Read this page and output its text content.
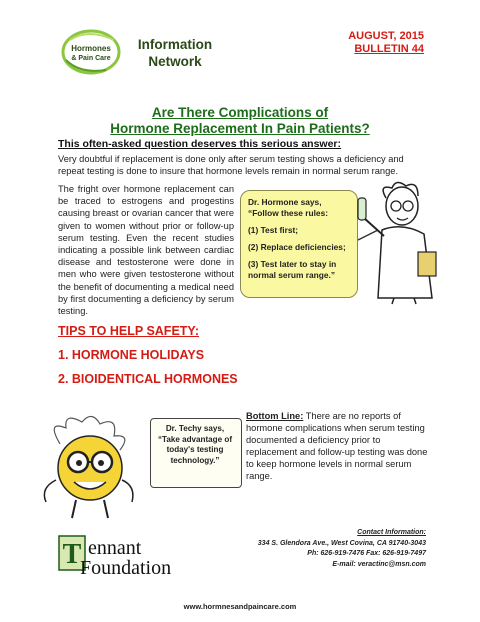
Hormones
& Pain Care
Information
Network
AUGUST, 2015
BULLETIN 44
Are There Complications of
Hormone Replacement In Pain Patients?
This often-asked question deserves this serious answer:
Very doubtful if replacement is done only after serum testing shows a deficiency and repeat testing is done to insure that hormone levels remain in normal serum range.
The fright over hormone replacement can be traced to estrogens and progestins causing breast or ovarian cancer that were given to women without prior or follow-up serum testing. Even the recent studies indicating a possible link between cardiac disease and testosterone were done in men who were given testosterone without the benefit of documenting a medical need by first documenting a deficiency by serum testing.
Dr. Hormone says,
“Follow these rules:
(1) Test first;
(2) Replace deficiencies;
(3) Test later to stay in normal serum range.”
TIPS TO HELP SAFETY:
1. HORMONE HOLIDAYS
2. BIOIDENTICAL HORMONES
Dr. Techy says,
“Take advantage of today's testing technology.”
Bottom Line: There are no reports of hormone complications when serum testing documented a deficiency prior to replacement and follow-up testing was done to keep hormone levels in normal serum range.
T ennant
Foundation
Contact Information:
334 S. Glendora Ave., West Covina, CA 91740-3043
Ph: 626-919-7476 Fax: 626-919-7497
E-mail: veractinc@msn.com
www.hormnesandpaincare.com
